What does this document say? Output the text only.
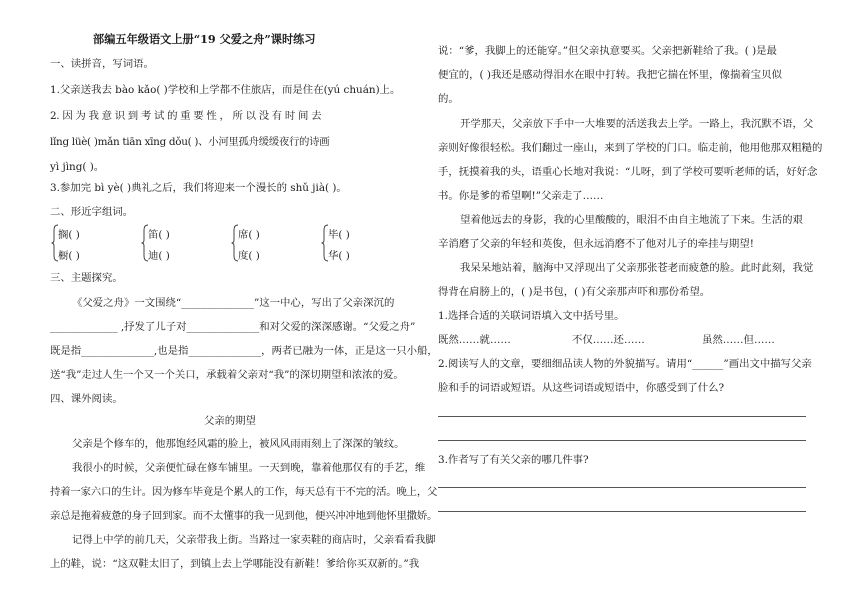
部编五年级语文上册“19 父爱之舟”课时练习
一、读拼音，写词语。
1.父亲送我去 bào kǎo( )学校和上学都不住旅店，而是住在(yú chuán)上。
2. 因 为 我 意 识 到 考 试 的 重 要 性 ， 所 以 没 有 时 间 去
lǐng lüè( )mǎn tiān xīng dǒu( )、小河里孤舟缓缓夜行的诗画
yì jìng( )。
3.参加完 bì yè( )典礼之后，我们将迎来一个漫长的 shǔ jià( )。
二、形近字组词。
搁( )
橱( )
笛( )
迪( )
席( )
度( )
毕( )
华( )
三、主题探究。
《父爱之舟》一文围绕“______________”这一中心，写出了父亲深沉的
_____________ ,抒发了儿子对______________和对父爱的深深感谢。“父爱之舟”
既是指______________,也是指______________，两者已融为一体，正是这一只小船，
送“我”走过人生一个又一个关口，承载着父亲对“我”的深切期望和浓浓的爱。
四、课外阅读。
父亲的期望
父亲是个修车的，他那饱经风霜的脸上，被风风雨雨刻上了深深的皱纹。
我很小的时候，父亲便忙碌在修车铺里。一天到晚，靠着他那仅有的手艺，维
持着一家六口的生计。因为修车毕竟是个累人的工作，每天总有干不完的活。晚上，父
亲总是拖着疲惫的身子回到家。而不太懂事的我一见到他，便兴冲冲地到他怀里撒娇。
记得上中学的前几天，父亲带我上街。当路过一家卖鞋的商店时，父亲看看我脚
上的鞋，说：“这双鞋太旧了，到镇上去上学哪能没有新鞋！爹给你买双新的。”我
说：“爹，我脚上的还能穿。”但父亲执意要买。父亲把新鞋给了我。( )是最
便宜的，( )我还是感动得泪水在眼中打转。我把它揣在怀里，像揣着宝贝似
的。
开学那天，父亲放下手中一大堆要的活送我去上学。一路上，我沉默不语，父
亲则好像很轻松。我们翻过一座山，来到了学校的门口。临走前，他用他那双粗糙的
手，抚摸着我的头，语重心长地对我说：“儿呀，到了学校可要听老师的话，好好念
书。你是爹的希望啊!”父亲走了……
望着他远去的身影，我的心里酸酸的，眼泪不由自主地流了下来。生活的艰
辛消磨了父亲的年轻和英俊，但永远消磨不了他对儿子的牵挂与期望!
我呆呆地站着，脑海中又浮现出了父亲那张苍老而疲惫的脸。此时此刻，我觉
得背在肩膀上的，( )是书包，( )有父亲那声吓和那份希望。
1.选择合适的关联词语填入文中括号里。
既然……就……	不仅……还……	虽然……但……
2.阅读写人的文章，要细细品读人物的外貌描写。请用“______”画出文中描写父亲
脸和手的词语或短语。从这些词语或短语中，你感受到了什么?
3.作者写了有关父亲的哪几件事?
